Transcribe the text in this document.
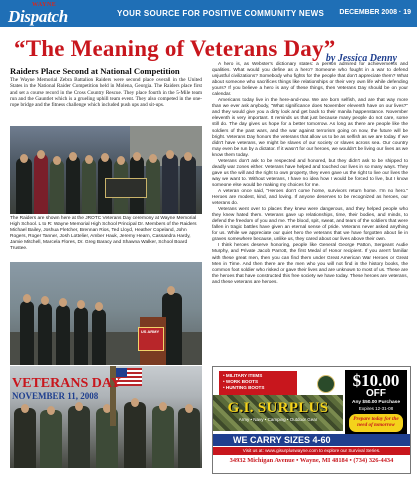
WAYNE
Dispatch	YOUR SOURCE FOR POSITIVE COMMUNITY NEWS DECEMBER 2008 · 19
“The Meaning of Veterans Day”
by Jessica Denny
Raiders Place Second at National Competition
The Wayne Memorial Zebra Battalion Raiders were second place overall in the United States in the National Raider Competition held in Molena, Georgia. The Raiders place first and set a course record in the Cross Country Rescue. They place fourth in the 5-Mile team run and the Gauntlet which is a grueling uphill team event. They also competed in the one-rope bridge and the fitness challenge which included push ups and sit-ups.
The Raiders are shown here at the JROTC Veterans Day ceremony at Wayne Memorial High School. L to R: Wayne Memorial High School Principal Dr. Members of the Raiders Michael Bailey, Joshua Fletcher, Brennan Rios, Ted Lloyd, Heather Copeland, John Rogers, Roger Tanner, Josh Lottelier, Amber Hauk, Jeremy Hearn, Cassandra Hardy, Jamie Mitchell, Marcela Flores, Dr. Greg Baracy and Shawna Walker, School Board Trustee.
US ARMY
VETERANS DAY
NOVEMBER 11, 2008

A hero is, as Webster's dictionary states: a person admired for achievements and qualities. What would you define as a hero? Someone who fought in a war to defend unjustful civilizations? Somebody who fights for the people that don't appreciate them? What about someone who sacrifices things like relationships or their very own life while defending yours? If you believe a hero is any of these things, then Veterans Day should be on your calendar.

Americans today live in the here-and-now. We are born selfish, and are that way more than we ever ask anybody, "What significance does November eleventh have on our lives?" and they would give you a dirty look and get back to their manila happenstance. November eleventh is very important. It reminds us that just because many people do not care, some still do. The day gives us hope for a better tomorrow. As long as there are people like the soldiers of the past wars, and the war against terrorism going on now, the future will be bright. Veterans Day honors the veterans that allow us to be as selfish as we are today. If we didn't have veterans, we might be slaves of our society or slaves across sea. Our country may even be run by a dictator. If it wasn't for our heroes, we wouldn't be living our lives as we know them today.

Veterans don't ask to be respected and honored, but they didn't ask to be shipped to deadly war zones either. Veterans have helped and touched our lives in so many ways. They gave us the will and the right to own property, they even gave us the right to live our lives the way we want to. Without veterans, I have no idea how I would be forced to live, but I know someone else would be making my choices for me.

A veteran once said, "Heroes don't come home, survivors return home. I'm no hero." Heroes are modest, kind, and loving. If anyone deserves to be recognized as heroes, our veterans do.

Veterans went over to places they knew were dangerous, and they helped people who they knew hated them. Veterans gave up relationships, time, their bodies, and minds, to defend the freedom of you and me. The blood, spit, sweat, and tears of the soldiers that were fallen in tragic battles have given an eternal sense of pride. Veterans never asked anything for us. While we appreciate our quiet hero the veterans that we have forgotten about lie in graves somewhere because, unlike us, they cared about our lives above their own.

I think heroes deserve honoring, people like General George Patton, Sergeant Audie Murphy, and Private Jacob Parrott, the first Medal of Honor recipient. If you aren't familiar with these great men, then you can find them under Great American War Heroes or Great Men in Time. And then there are the men who you will not find in the history books, the common foot soldier who risked or gave their lives and are unknown to most of us. These are the heroes that have constructed this free society we have today. These heroes are veterans, and these veterans are heroes.

• MILITARY ITEMS
• WORK BOOTS
• HUNTING BOOTS
G.I. SURPLUS
Army • Navy • Camping • Outdoor Gear
$10.00
OFF
Any $50.00 Purchase
Expires 12-31-08
Prepare today for the need of tomorrow
WE CARRY SIZES 4-60
Visit us at: www.gisurpluswayne.com to explore our Survival Series.
34932 Michigan Avenue • Wayne, MI 48184 • (734) 326-4434
